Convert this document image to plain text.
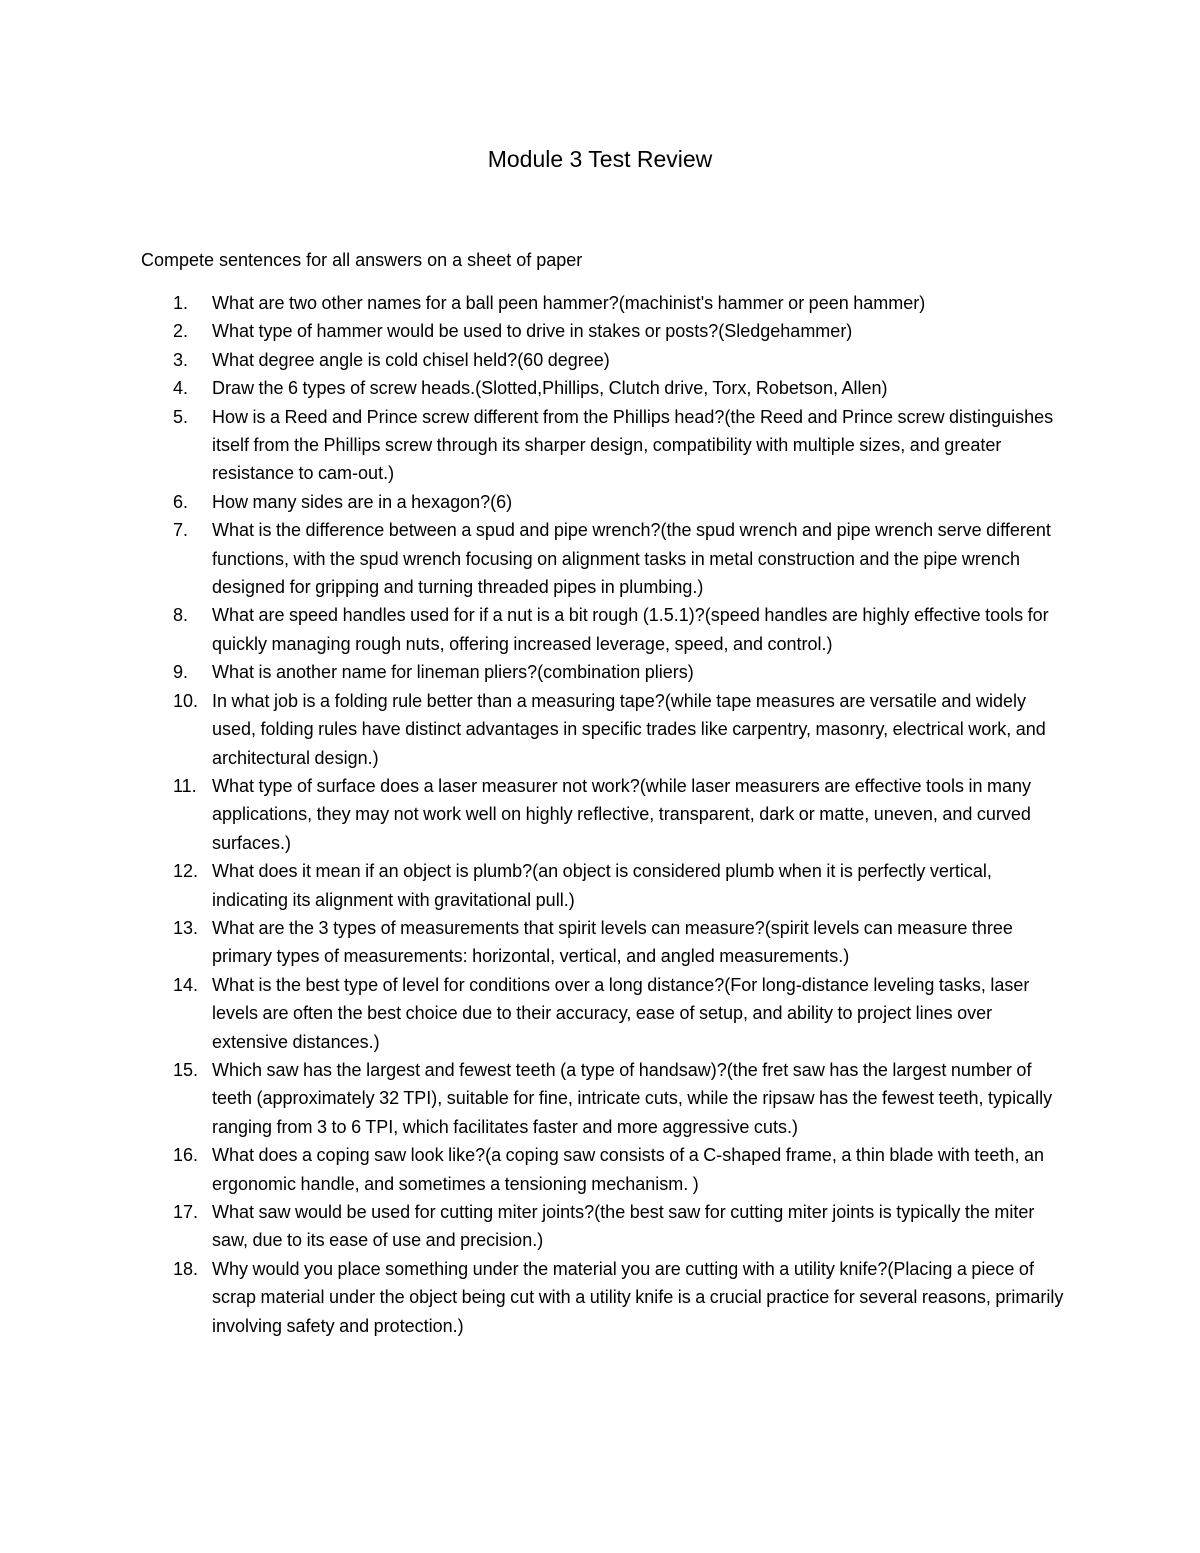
Module 3 Test Review

Compete sentences for all answers on a sheet of paper

1. What are two other names for a ball peen hammer?(machinist's hammer or peen hammer)
2. What type of hammer would be used to drive in stakes or posts?(Sledgehammer)
3. What degree angle is cold chisel held?(60 degree)
4. Draw the 6 types of screw heads.(Slotted,Phillips, Clutch drive, Torx, Robetson, Allen)
5. How is a Reed and Prince screw different from the Phillips head?(the Reed and Prince screw distinguishes itself from the Phillips screw through its sharper design, compatibility with multiple sizes, and greater resistance to cam-out.)
6. How many sides are in a hexagon?(6)
7. What is the difference between a spud and pipe wrench?(the spud wrench and pipe wrench serve different functions, with the spud wrench focusing on alignment tasks in metal construction and the pipe wrench designed for gripping and turning threaded pipes in plumbing.)
8. What are speed handles used for if a nut is a bit rough (1.5.1)?(speed handles are highly effective tools for quickly managing rough nuts, offering increased leverage, speed, and control.)
9. What is another name for lineman pliers?(combination pliers)
10. In what job is a folding rule better than a measuring tape?(while tape measures are versatile and widely used, folding rules have distinct advantages in specific trades like carpentry, masonry, electrical work, and architectural design.)
11. What type of surface does a laser measurer not work?(while laser measurers are effective tools in many applications, they may not work well on highly reflective, transparent, dark or matte, uneven, and curved surfaces.)
12. What does it mean if an object is plumb?(an object is considered plumb when it is perfectly vertical, indicating its alignment with gravitational pull.)
13. What are the 3 types of measurements that spirit levels can measure?(spirit levels can measure three primary types of measurements: horizontal, vertical, and angled measurements.)
14. What is the best type of level for conditions over a long distance?(For long-distance leveling tasks, laser levels are often the best choice due to their accuracy, ease of setup, and ability to project lines over extensive distances.)
15. Which saw has the largest and fewest teeth (a type of handsaw)?(the fret saw has the largest number of teeth (approximately 32 TPI), suitable for fine, intricate cuts, while the ripsaw has the fewest teeth, typically ranging from 3 to 6 TPI, which facilitates faster and more aggressive cuts.)
16. What does a coping saw look like?(a coping saw consists of a C-shaped frame, a thin blade with teeth, an ergonomic handle, and sometimes a tensioning mechanism. )
17. What saw would be used for cutting miter joints?(the best saw for cutting miter joints is typically the miter saw, due to its ease of use and precision.)
18. Why would you place something under the material you are cutting with a utility knife?(Placing a piece of scrap material under the object being cut with a utility knife is a crucial practice for several reasons, primarily involving safety and protection.)
